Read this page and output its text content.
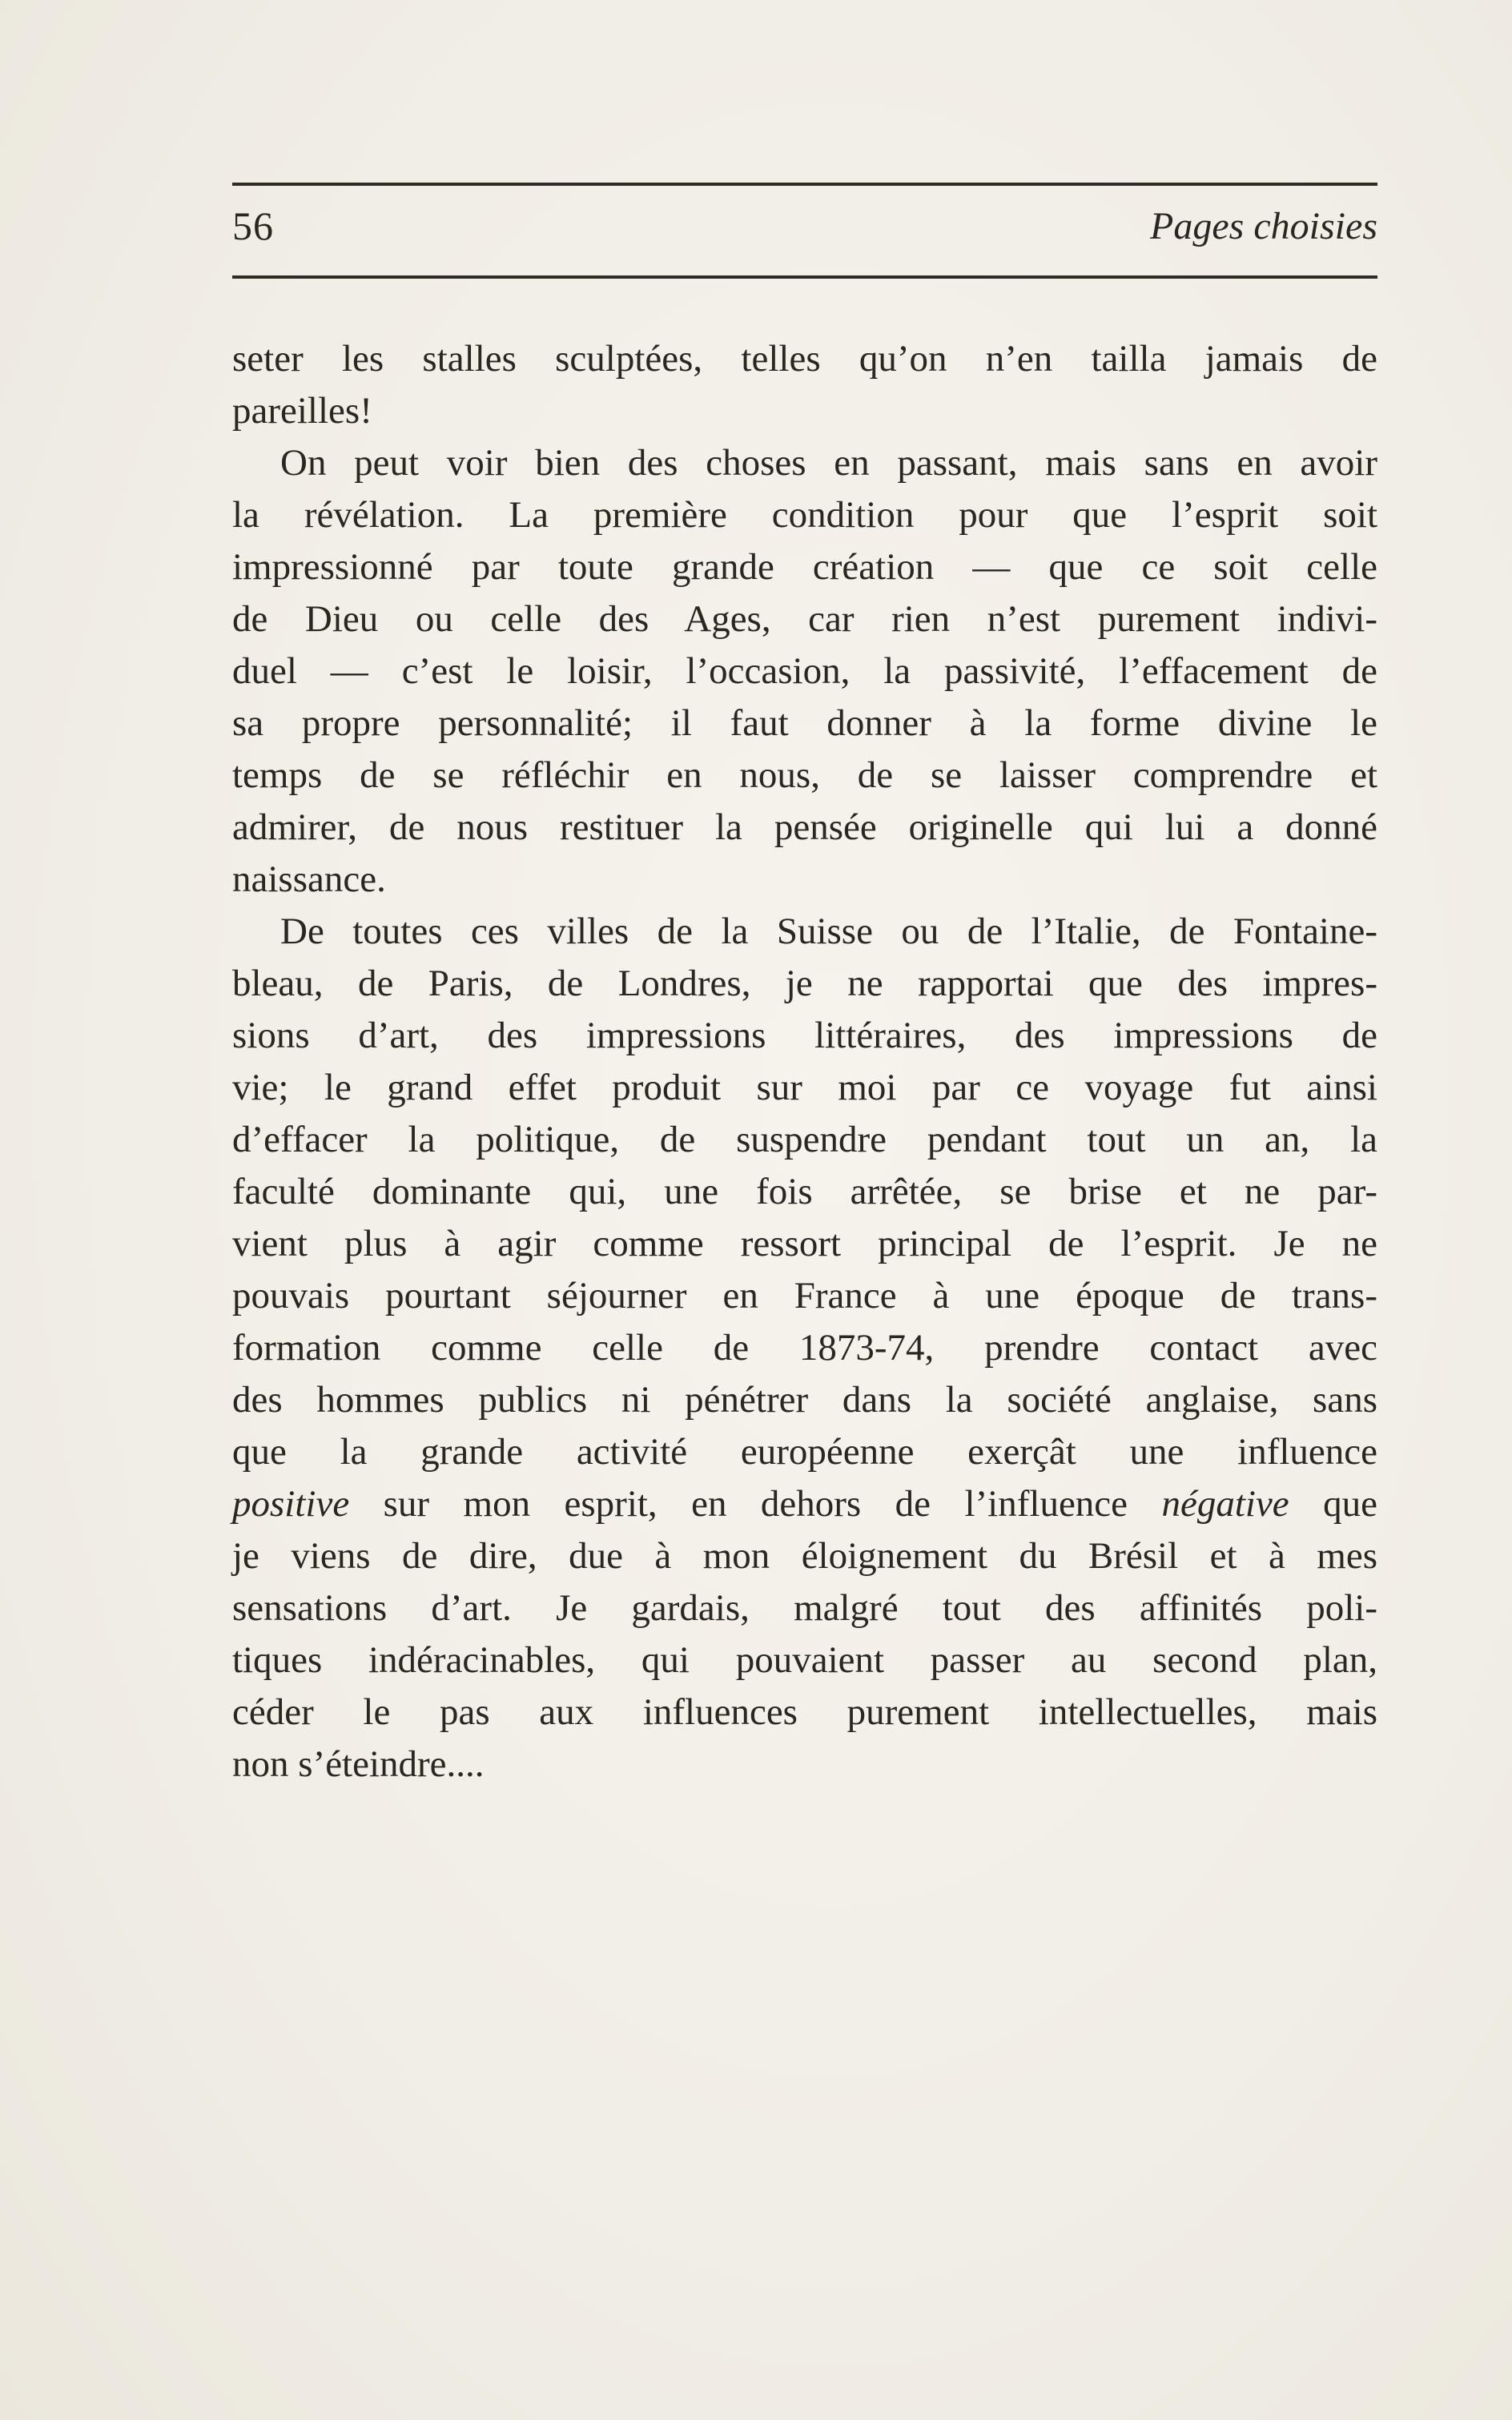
56	Pages choisies
seter les stalles sculptées, telles qu’on n’en tailla jamais de
pareilles!
On peut voir bien des choses en passant, mais sans en avoir
la révélation. La première condition pour que l’esprit soit
impressionné par toute grande création — que ce soit celle
de Dieu ou celle des Ages, car rien n’est purement indivi-
duel — c’est le loisir, l’occasion, la passivité, l’effacement de
sa propre personnalité; il faut donner à la forme divine le
temps de se réfléchir en nous, de se laisser comprendre et
admirer, de nous restituer la pensée originelle qui lui a donné
naissance.
De toutes ces villes de la Suisse ou de l’Italie, de Fontaine-
bleau, de Paris, de Londres, je ne rapportai que des impres-
sions d’art, des impressions littéraires, des impressions de
vie; le grand effet produit sur moi par ce voyage fut ainsi
d’effacer la politique, de suspendre pendant tout un an, la
faculté dominante qui, une fois arrêtée, se brise et ne par-
vient plus à agir comme ressort principal de l’esprit. Je ne
pouvais pourtant séjourner en France à une époque de trans-
formation comme celle de 1873-74, prendre contact avec
des hommes publics ni pénétrer dans la société anglaise, sans
que la grande activité européenne exerçât une influence
positive sur mon esprit, en dehors de l’influence négative que
je viens de dire, due à mon éloignement du Brésil et à mes
sensations d’art. Je gardais, malgré tout des affinités poli-
tiques indéracinables, qui pouvaient passer au second plan,
céder le pas aux influences purement intellectuelles, mais
non s’éteindre....
